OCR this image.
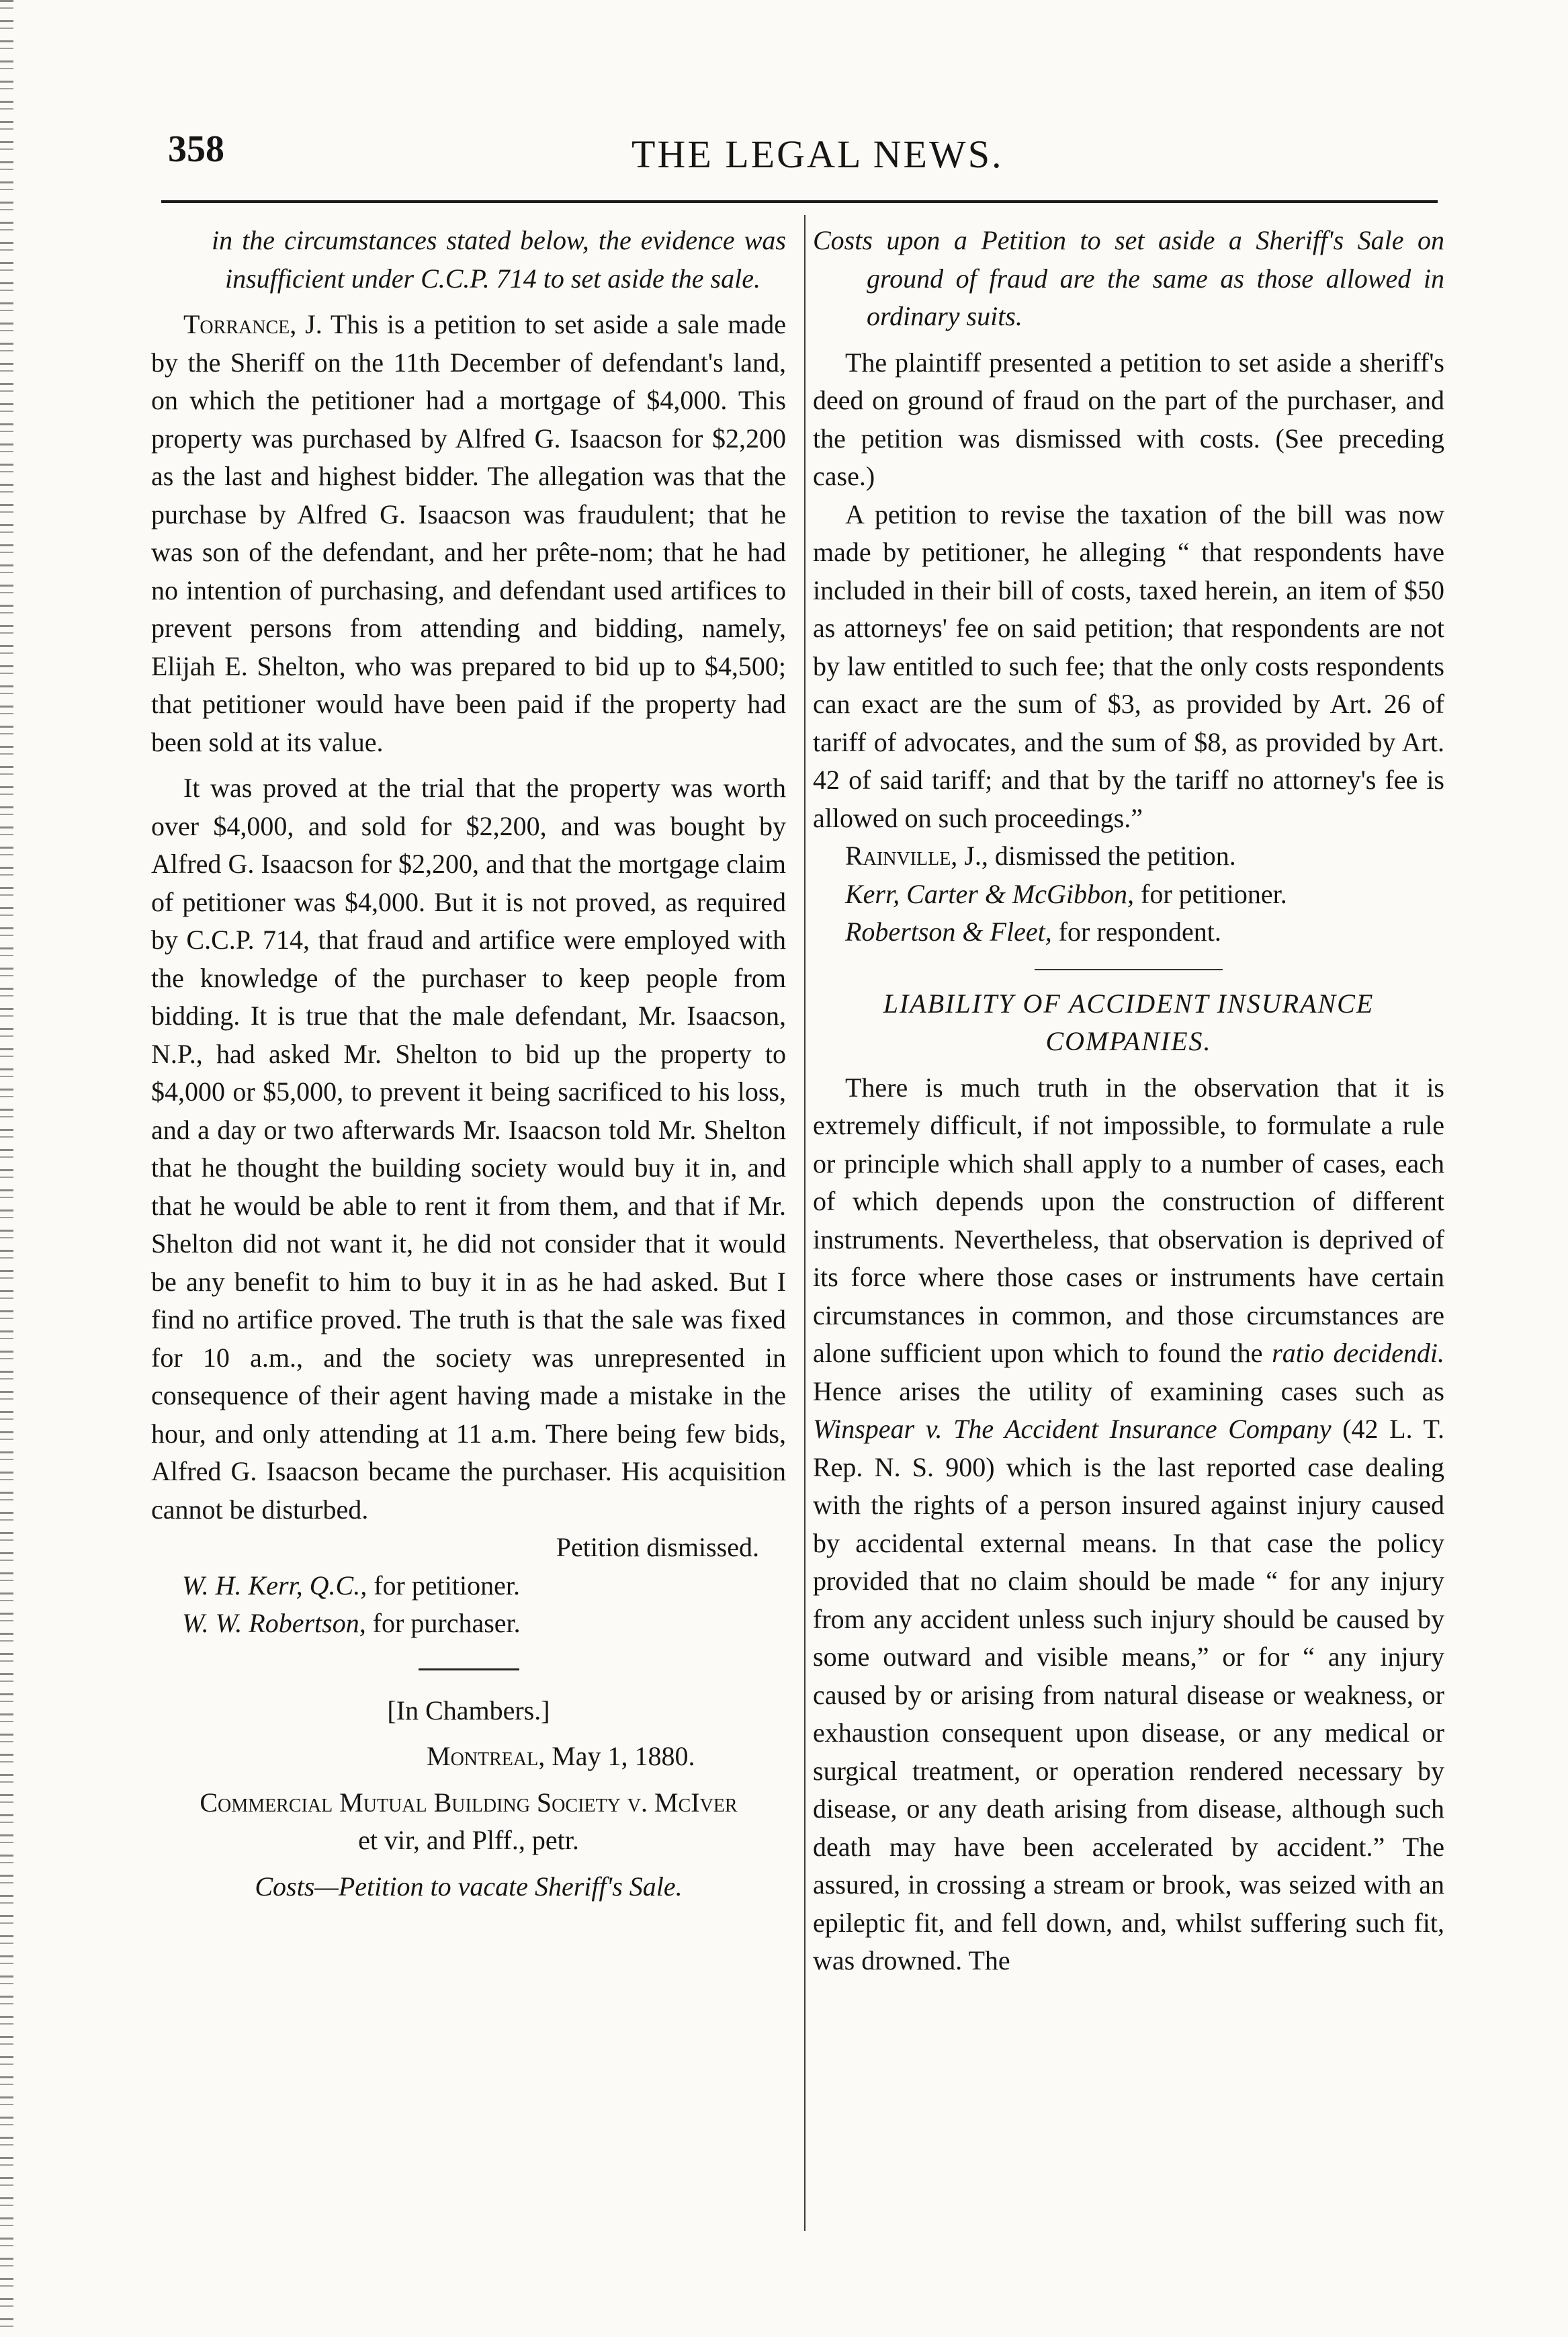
358	THE LEGAL NEWS.

in the circumstances stated below, the evidence was insufficient under C.C.P. 714 to set aside the sale.

Torrance, J. This is a petition to set aside a sale made by the Sheriff on the 11th December of defendant's land, on which the petitioner had a mortgage of $4,000. This property was purchased by Alfred G. Isaacson for $2,200 as the last and highest bidder. The allegation was that the purchase by Alfred G. Isaacson was fraudulent; that he was son of the defendant, and her prête-nom; that he had no intention of purchasing, and defendant used artifices to prevent persons from attending and bidding, namely, Elijah E. Shelton, who was prepared to bid up to $4,500; that petitioner would have been paid if the property had been sold at its value.

It was proved at the trial that the property was worth over $4,000, and sold for $2,200, and was bought by Alfred G. Isaacson for $2,200, and that the mortgage claim of petitioner was $4,000. But it is not proved, as required by C.C.P. 714, that fraud and artifice were employed with the knowledge of the purchaser to keep people from bidding. It is true that the male defendant, Mr. Isaacson, N.P., had asked Mr. Shelton to bid up the property to $4,000 or $5,000, to prevent it being sacrificed to his loss, and a day or two afterwards Mr. Isaacson told Mr. Shelton that he thought the building society would buy it in, and that he would be able to rent it from them, and that if Mr. Shelton did not want it, he did not consider that it would be any benefit to him to buy it in as he had asked. But I find no artifice proved. The truth is that the sale was fixed for 10 a.m., and the society was unrepresented in consequence of their agent having made a mistake in the hour, and only attending at 11 a.m. There being few bids, Alfred G. Isaacson became the purchaser. His acquisition cannot be disturbed.

Petition dismissed.

W. H. Kerr, Q.C., for petitioner.

W. W. Robertson, for purchaser.

[In Chambers.]

Montreal, May 1, 1880.

Commercial Mutual Building Society v. McIver

et vir, and Plff., petr.

Costs—Petition to vacate Sheriff's Sale.

Costs upon a Petition to set aside a Sheriff's Sale on ground of fraud are the same as those allowed in ordinary suits.

The plaintiff presented a petition to set aside a sheriff's deed on ground of fraud on the part of the purchaser, and the petition was dismissed with costs. (See preceding case.)

A petition to revise the taxation of the bill was now made by petitioner, he alleging “ that respondents have included in their bill of costs, taxed herein, an item of $50 as attorneys' fee on said petition; that respondents are not by law entitled to such fee; that the only costs respondents can exact are the sum of $3, as provided by Art. 26 of tariff of advocates, and the sum of $8, as provided by Art. 42 of said tariff; and that by the tariff no attorney's fee is allowed on such proceedings.”

Rainville, J., dismissed the petition.

Kerr, Carter & McGibbon, for petitioner.

Robertson & Fleet, for respondent.

LIABILITY OF ACCIDENT INSURANCE

COMPANIES.

There is much truth in the observation that it is extremely difficult, if not impossible, to formulate a rule or principle which shall apply to a number of cases, each of which depends upon the construction of different instruments. Nevertheless, that observation is deprived of its force where those cases or instruments have certain circumstances in common, and those circumstances are alone sufficient upon which to found the ratio decidendi. Hence arises the utility of examining cases such as Winspear v. The Accident Insurance Company (42 L. T. Rep. N. S. 900) which is the last reported case dealing with the rights of a person insured against injury caused by accidental external means. In that case the policy provided that no claim should be made “ for any injury from any accident unless such injury should be caused by some outward and visible means,” or for “ any injury caused by or arising from natural disease or weakness, or exhaustion consequent upon disease, or any medical or surgical treatment, or operation rendered necessary by disease, or any death arising from disease, although such death may have been accelerated by accident.” The assured, in crossing a stream or brook, was seized with an epileptic fit, and fell down, and, whilst suffering such fit, was drowned. The
